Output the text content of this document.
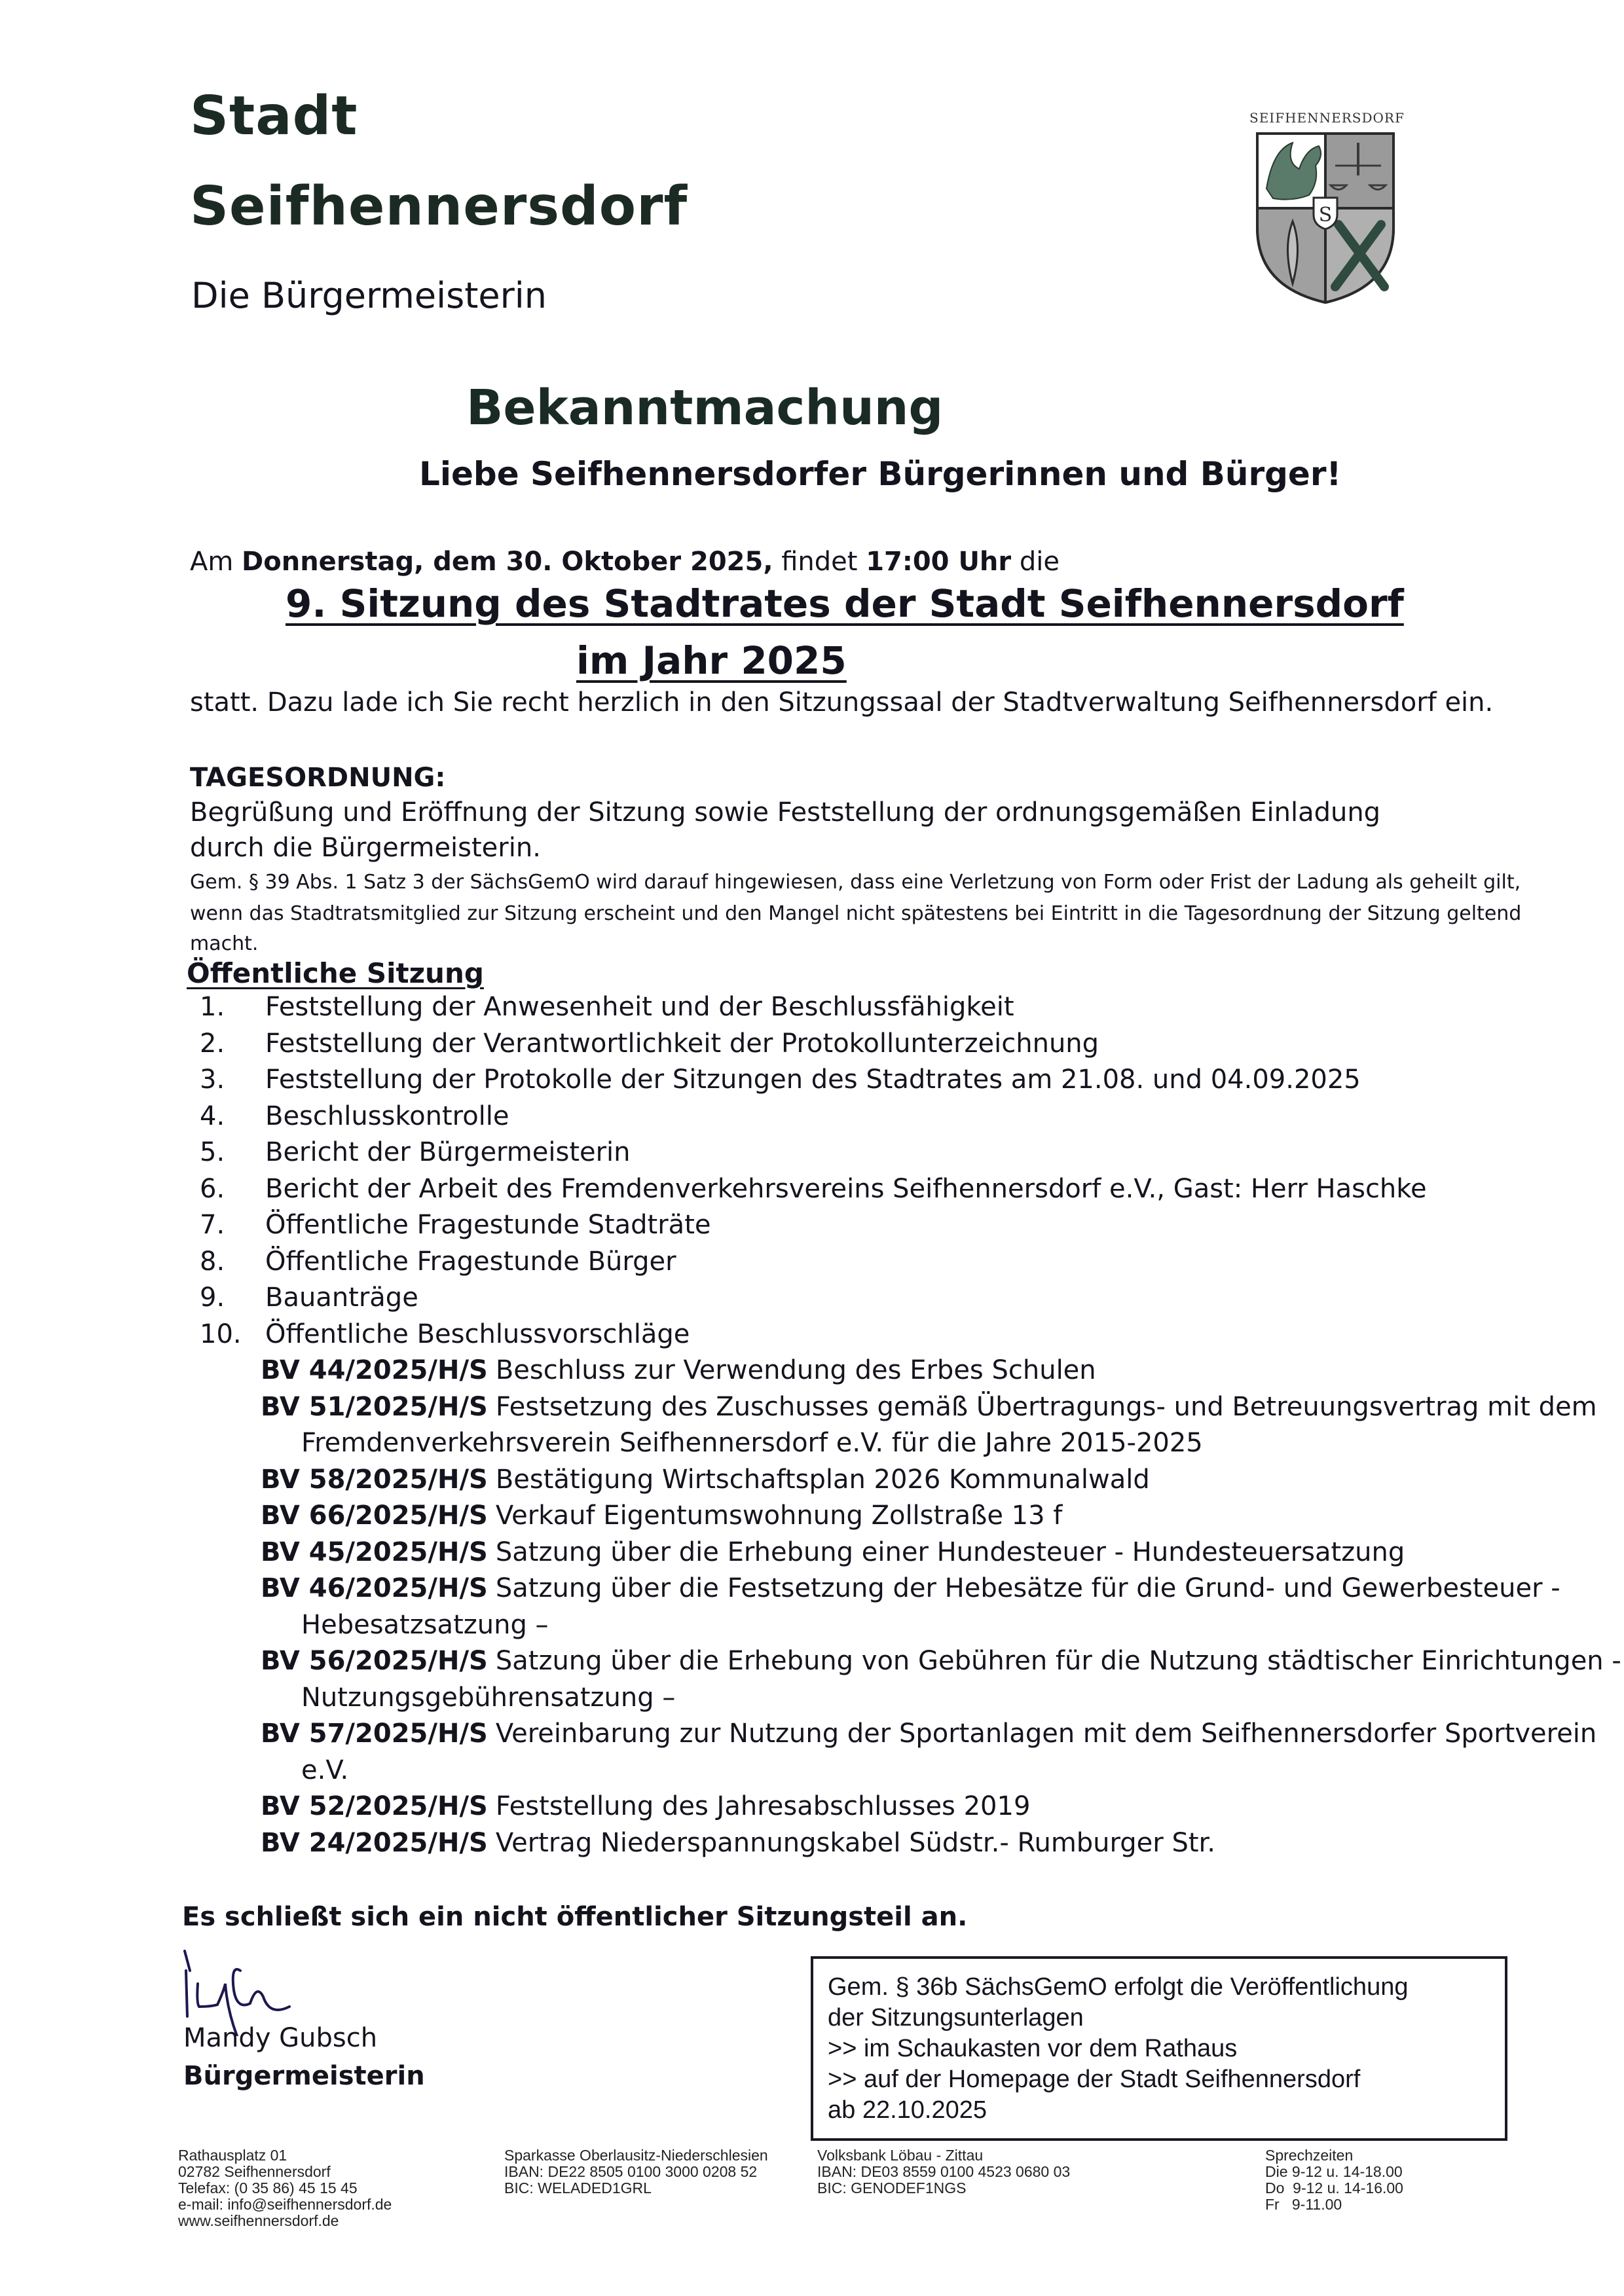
Stadt
Seifhennersdorf
Die Bürgermeisterin
SEIFHENNERSDORF
S
Bekanntmachung
Liebe Seifhennersdorfer Bürgerinnen und Bürger!
Am Donnerstag, dem 30. Oktober 2025, findet 17:00 Uhr die
9. Sitzung des Stadtrates der Stadt Seifhennersdorf
im Jahr 2025
statt. Dazu lade ich Sie recht herzlich in den Sitzungssaal der Stadtverwaltung Seifhennersdorf ein.
TAGESORDNUNG:
Begrüßung und Eröffnung der Sitzung sowie Feststellung der ordnungsgemäßen Einladung
durch die Bürgermeisterin.
Gem. § 39 Abs. 1 Satz 3 der SächsGemO wird darauf hingewiesen, dass eine Verletzung von Form oder Frist der Ladung als geheilt gilt,
wenn das Stadtratsmitglied zur Sitzung erscheint und den Mangel nicht spätestens bei Eintritt in die Tagesordnung der Sitzung geltend
macht.
Öffentliche Sitzung
1.	Feststellung der Anwesenheit und der Beschlussfähigkeit
2.	Feststellung der Verantwortlichkeit der Protokollunterzeichnung
3.	Feststellung der Protokolle der Sitzungen des Stadtrates am 21.08. und 04.09.2025
4.	Beschlusskontrolle
5.	Bericht der Bürgermeisterin
6.	Bericht der Arbeit des Fremdenverkehrsvereins Seifhennersdorf e.V., Gast: Herr Haschke
7.	Öffentliche Fragestunde Stadträte
8.	Öffentliche Fragestunde Bürger
9.	Bauanträge
10. Öffentliche Beschlussvorschläge
BV 44/2025/H/S Beschluss zur Verwendung des Erbes Schulen
BV 51/2025/H/S Festsetzung des Zuschusses gemäß Übertragungs- und Betreuungsvertrag mit dem
Fremdenverkehrsverein Seifhennersdorf e.V. für die Jahre 2015-2025
BV 58/2025/H/S Bestätigung Wirtschaftsplan 2026 Kommunalwald
BV 66/2025/H/S Verkauf Eigentumswohnung Zollstraße 13 f
BV 45/2025/H/S Satzung über die Erhebung einer Hundesteuer - Hundesteuersatzung
BV 46/2025/H/S Satzung über die Festsetzung der Hebesätze für die Grund- und Gewerbesteuer -
Hebesatzsatzung –
BV 56/2025/H/S Satzung über die Erhebung von Gebühren für die Nutzung städtischer Einrichtungen -
Nutzungsgebührensatzung –
BV 57/2025/H/S Vereinbarung zur Nutzung der Sportanlagen mit dem Seifhennersdorfer Sportverein
e.V.
BV 52/2025/H/S Feststellung des Jahresabschlusses 2019
BV 24/2025/H/S Vertrag Niederspannungskabel Südstr.- Rumburger Str.
Es schließt sich ein nicht öffentlicher Sitzungsteil an.
Mandy Gubsch
Bürgermeisterin
Gem. § 36b SächsGemO erfolgt die Veröffentlichung
der Sitzungsunterlagen
>> im Schaukasten vor dem Rathaus
>> auf der Homepage der Stadt Seifhennersdorf
ab 22.10.2025
Rathausplatz 01
02782 Seifhennersdorf
Telefax: (0 35 86) 45 15 45
e-mail: info@seifhennersdorf.de
www.seifhennersdorf.de
Sparkasse Oberlausitz-Niederschlesien
IBAN: DE22 8505 0100 3000 0208 52
BIC: WELADED1GRL
Volksbank Löbau - Zittau
IBAN: DE03 8559 0100 4523 0680 03
BIC: GENODEF1NGS
Sprechzeiten
Die 9-12 u. 14-18.00
Do  9-12 u. 14-16.00
Fr   9-11.00
